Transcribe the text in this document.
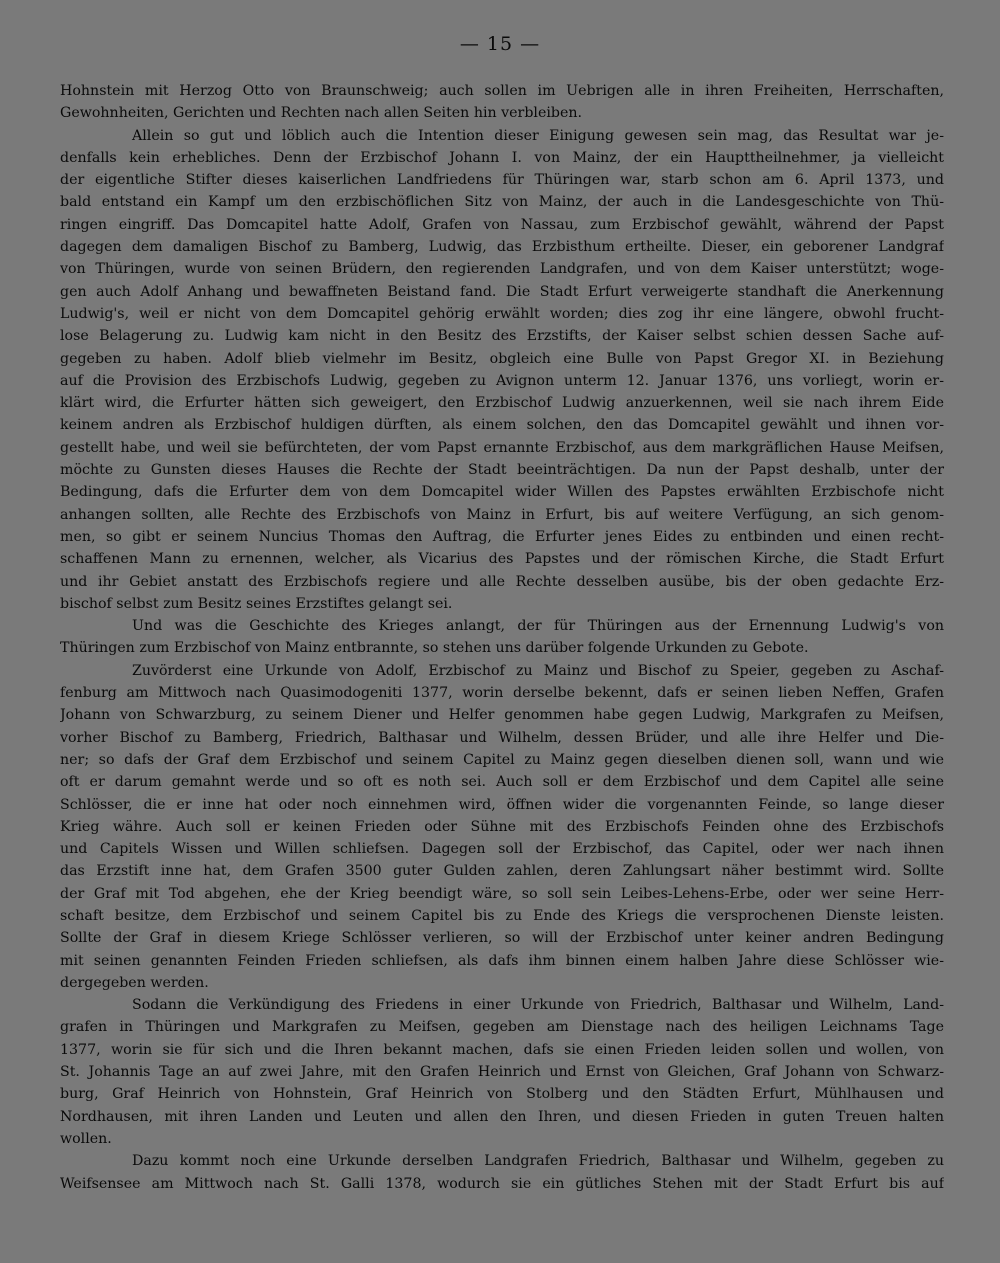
— 15 —
Hohnstein mit Herzog Otto von Braunschweig; auch sollen im Uebrigen alle in ihren Freiheiten, Herrschaften,
Gewohnheiten, Gerichten und Rechten nach allen Seiten hin verbleiben.
Allein so gut und löblich auch die Intention dieser Einigung gewesen sein mag, das Resultat war je-
denfalls kein erhebliches. Denn der Erzbischof Johann I. von Mainz, der ein Haupttheilnehmer, ja vielleicht
der eigentliche Stifter dieses kaiserlichen Landfriedens für Thüringen war, starb schon am 6. April 1373, und
bald entstand ein Kampf um den erzbischöflichen Sitz von Mainz, der auch in die Landesgeschichte von Thü-
ringen eingriff. Das Domcapitel hatte Adolf, Grafen von Nassau, zum Erzbischof gewählt, während der Papst
dagegen dem damaligen Bischof zu Bamberg, Ludwig, das Erzbisthum ertheilte. Dieser, ein geborener Landgraf
von Thüringen, wurde von seinen Brüdern, den regierenden Landgrafen, und von dem Kaiser unterstützt; woge-
gen auch Adolf Anhang und bewaffneten Beistand fand. Die Stadt Erfurt verweigerte standhaft die Anerkennung
Ludwig's, weil er nicht von dem Domcapitel gehörig erwählt worden; dies zog ihr eine längere, obwohl frucht-
lose Belagerung zu. Ludwig kam nicht in den Besitz des Erzstifts, der Kaiser selbst schien dessen Sache auf-
gegeben zu haben. Adolf blieb vielmehr im Besitz, obgleich eine Bulle von Papst Gregor XI. in Beziehung
auf die Provision des Erzbischofs Ludwig, gegeben zu Avignon unterm 12. Januar 1376, uns vorliegt, worin er-
klärt wird, die Erfurter hätten sich geweigert, den Erzbischof Ludwig anzuerkennen, weil sie nach ihrem Eide
keinem andren als Erzbischof huldigen dürften, als einem solchen, den das Domcapitel gewählt und ihnen vor-
gestellt habe, und weil sie befürchteten, der vom Papst ernannte Erzbischof, aus dem markgräflichen Hause Meifsen,
möchte zu Gunsten dieses Hauses die Rechte der Stadt beeinträchtigen. Da nun der Papst deshalb, unter der
Bedingung, dafs die Erfurter dem von dem Domcapitel wider Willen des Papstes erwählten Erzbischofe nicht
anhangen sollten, alle Rechte des Erzbischofs von Mainz in Erfurt, bis auf weitere Verfügung, an sich genom-
men, so gibt er seinem Nuncius Thomas den Auftrag, die Erfurter jenes Eides zu entbinden und einen recht-
schaffenen Mann zu ernennen, welcher, als Vicarius des Papstes und der römischen Kirche, die Stadt Erfurt
und ihr Gebiet anstatt des Erzbischofs regiere und alle Rechte desselben ausübe, bis der oben gedachte Erz-
bischof selbst zum Besitz seines Erzstiftes gelangt sei.
Und was die Geschichte des Krieges anlangt, der für Thüringen aus der Ernennung Ludwig's von
Thüringen zum Erzbischof von Mainz entbrannte, so stehen uns darüber folgende Urkunden zu Gebote.
Zuvörderst eine Urkunde von Adolf, Erzbischof zu Mainz und Bischof zu Speier, gegeben zu Aschaf-
fenburg am Mittwoch nach Quasimodogeniti 1377, worin derselbe bekennt, dafs er seinen lieben Neffen, Grafen
Johann von Schwarzburg, zu seinem Diener und Helfer genommen habe gegen Ludwig, Markgrafen zu Meifsen,
vorher Bischof zu Bamberg, Friedrich, Balthasar und Wilhelm, dessen Brüder, und alle ihre Helfer und Die-
ner; so dafs der Graf dem Erzbischof und seinem Capitel zu Mainz gegen dieselben dienen soll, wann und wie
oft er darum gemahnt werde und so oft es noth sei. Auch soll er dem Erzbischof und dem Capitel alle seine
Schlösser, die er inne hat oder noch einnehmen wird, öffnen wider die vorgenannten Feinde, so lange dieser
Krieg währe. Auch soll er keinen Frieden oder Sühne mit des Erzbischofs Feinden ohne des Erzbischofs
und Capitels Wissen und Willen schliefsen. Dagegen soll der Erzbischof, das Capitel, oder wer nach ihnen
das Erzstift inne hat, dem Grafen 3500 guter Gulden zahlen, deren Zahlungsart näher bestimmt wird. Sollte
der Graf mit Tod abgehen, ehe der Krieg beendigt wäre, so soll sein Leibes-Lehens-Erbe, oder wer seine Herr-
schaft besitze, dem Erzbischof und seinem Capitel bis zu Ende des Kriegs die versprochenen Dienste leisten.
Sollte der Graf in diesem Kriege Schlösser verlieren, so will der Erzbischof unter keiner andren Bedingung
mit seinen genannten Feinden Frieden schliefsen, als dafs ihm binnen einem halben Jahre diese Schlösser wie-
dergegeben werden.
Sodann die Verkündigung des Friedens in einer Urkunde von Friedrich, Balthasar und Wilhelm, Land-
grafen in Thüringen und Markgrafen zu Meifsen, gegeben am Dienstage nach des heiligen Leichnams Tage
1377, worin sie für sich und die Ihren bekannt machen, dafs sie einen Frieden leiden sollen und wollen, von
St. Johannis Tage an auf zwei Jahre, mit den Grafen Heinrich und Ernst von Gleichen, Graf Johann von Schwarz-
burg, Graf Heinrich von Hohnstein, Graf Heinrich von Stolberg und den Städten Erfurt, Mühlhausen und
Nordhausen, mit ihren Landen und Leuten und allen den Ihren, und diesen Frieden in guten Treuen halten
wollen.
Dazu kommt noch eine Urkunde derselben Landgrafen Friedrich, Balthasar und Wilhelm, gegeben zu
Weifsensee am Mittwoch nach St. Galli 1378, wodurch sie ein gütliches Stehen mit der Stadt Erfurt bis auf
